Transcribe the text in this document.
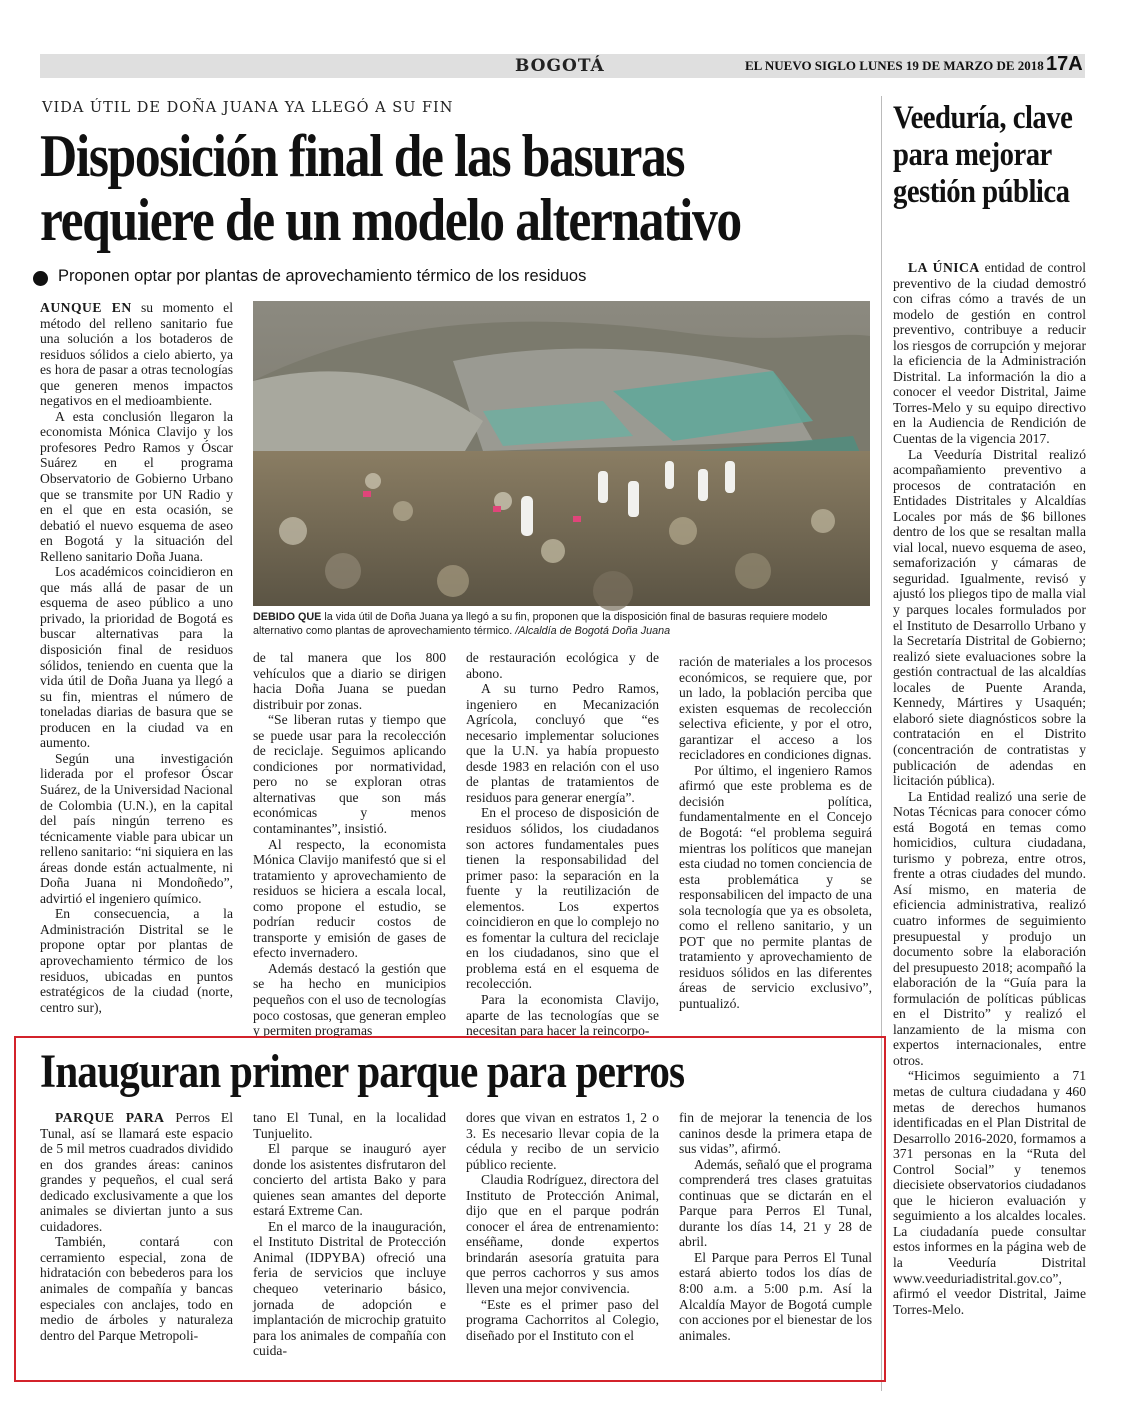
BOGOTÁ	EL NUEVO SIGLO LUNES 19 DE MARZO DE 2018 17A
VIDA ÚTIL DE DOÑA JUANA YA LLEGÓ A SU FIN
Disposición final de las basuras
requiere de un modelo alternativo
Proponen optar por plantas de aprovechamiento térmico de los residuos

AUNQUE EN su momento el método del relleno sanitario fue una solución a los botaderos de residuos sólidos a cielo abierto, ya es hora de pasar a otras tecnologías que generen menos impactos negativos en el medioambiente.

A esta conclusión llegaron la economista Mónica Clavijo y los profesores Pedro Ramos y Óscar Suárez en el programa Observatorio de Gobierno Urbano que se transmite por UN Radio y en el que en esta ocasión, se debatió el nuevo esquema de aseo en Bogotá y la situación del Relleno sanitario Doña Juana.

Los académicos coincidieron en que más allá de pasar de un esquema de aseo público a uno privado, la prioridad de Bogotá es buscar alternativas para la disposición final de residuos sólidos, teniendo en cuenta que la vida útil de Doña Juana ya llegó a su fin, mientras el número de toneladas diarias de basura que se producen en la ciudad va en aumento.

Según una investigación liderada por el profesor Óscar Suárez, de la Universidad Nacional de Colombia (U.N.), en la capital del país ningún terreno es técnicamente viable para ubicar un relleno sanitario: “ni siquiera en las áreas donde están actualmente, ni Doña Juana ni Mondoñedo”, advirtió el ingeniero químico.

En consecuencia, a la Administración Distrital se le propone optar por plantas de aprovechamiento térmico de los residuos, ubicadas en puntos estratégicos de la ciudad (norte, centro sur),

DEBIDO QUE la vida útil de Doña Juana ya llegó a su fin, proponen que la disposición final de basuras requiere modelo alternativo como plantas de aprovechamiento térmico. /Alcaldía de Bogotá Doña Juana

de tal manera que los 800 vehículos que a diario se dirigen hacia Doña Juana se puedan distribuir por zonas.

“Se liberan rutas y tiempo que se puede usar para la recolección de reciclaje. Seguimos aplicando condiciones por normatividad, pero no se exploran otras alternativas que son más económicas y menos contaminantes”, insistió.

Al respecto, la economista Mónica Clavijo manifestó que si el tratamiento y aprovechamiento de residuos se hiciera a escala local, como propone el estudio, se podrían reducir costos de transporte y emisión de gases de efecto invernadero.

Además destacó la gestión que se ha hecho en municipios pequeños con el uso de tecnologías poco costosas, que generan empleo y permiten programas

de restauración ecológica y de abono.

A su turno Pedro Ramos, ingeniero en Mecanización Agrícola, concluyó que “es necesario implementar soluciones que la U.N. ya había propuesto desde 1983 en relación con el uso de plantas de tratamientos de residuos para generar energía”.

En el proceso de disposición de residuos sólidos, los ciudadanos son actores fundamentales pues tienen la responsabilidad del primer paso: la separación en la fuente y la reutilización de elementos. Los expertos coincidieron en que lo complejo no es fomentar la cultura del reciclaje en los ciudadanos, sino que el problema está en el esquema de recolección.

Para la economista Clavijo, aparte de las tecnologías que se necesitan para hacer la reincorpo-

ración de materiales a los procesos económicos, se requiere que, por un lado, la población perciba que existen esquemas de recolección selectiva eficiente, y por el otro, garantizar el acceso a los recicladores en condiciones dignas.

Por último, el ingeniero Ramos afirmó que este problema es de decisión política, fundamentalmente en el Concejo de Bogotá: “el problema seguirá mientras los políticos que manejan esta ciudad no tomen conciencia de esta problemática y se responsabilicen del impacto de una sola tecnología que ya es obsoleta, como el relleno sanitario, y un POT que no permite plantas de tratamiento y aprovechamiento de residuos sólidos en las diferentes áreas de servicio exclusivo”, puntualizó.

Veeduría, clave para mejorar gestión pública

LA ÚNICA entidad de control preventivo de la ciudad demostró con cifras cómo a través de un modelo de gestión en control preventivo, contribuye a reducir los riesgos de corrupción y mejorar la eficiencia de la Administración Distrital. La información la dio a conocer el veedor Distrital, Jaime Torres-Melo y su equipo directivo en la Audiencia de Rendición de Cuentas de la vigencia 2017.

La Veeduría Distrital realizó acompañamiento preventivo a procesos de contratación en Entidades Distritales y Alcaldías Locales por más de $6 billones dentro de los que se resaltan malla vial local, nuevo esquema de aseo, semaforización y cámaras de seguridad. Igualmente, revisó y ajustó los pliegos tipo de malla vial y parques locales formulados por el Instituto de Desarrollo Urbano y la Secretaría Distrital de Gobierno; realizó siete evaluaciones sobre la gestión contractual de las alcaldías locales de Puente Aranda, Kennedy, Mártires y Usaquén; elaboró siete diagnósticos sobre la contratación en el Distrito (concentración de contratistas y publicación de adendas en licitación pública).

La Entidad realizó una serie de Notas Técnicas para conocer cómo está Bogotá en temas como homicidios, cultura ciudadana, turismo y pobreza, entre otros, frente a otras ciudades del mundo. Así mismo, en materia de eficiencia administrativa, realizó cuatro informes de seguimiento presupuestal y produjo un documento sobre la elaboración del presupuesto 2018; acompañó la elaboración de la “Guía para la formulación de políticas públicas en el Distrito” y realizó el lanzamiento de la misma con expertos internacionales, entre otros.

“Hicimos seguimiento a 71 metas de cultura ciudadana y 460 metas de derechos humanos identificadas en el Plan Distrital de Desarrollo 2016-2020, formamos a 371 personas en la “Ruta del Control Social” y tenemos diecisiete observatorios ciudadanos que le hicieron evaluación y seguimiento a los alcaldes locales. La ciudadanía puede consultar estos informes en la página web de la Veeduría Distrital www.veeduriadistrital.gov.co”, afirmó el veedor Distrital, Jaime Torres-Melo.

Inauguran primer parque para perros

PARQUE PARA Perros El Tunal, así se llamará este espacio de 5 mil metros cuadrados dividido en dos grandes áreas: caninos grandes y pequeños, el cual será dedicado exclusivamente a que los animales se diviertan junto a sus cuidadores.

También, contará con cerramiento especial, zona de hidratación con bebederos para los animales de compañía y bancas especiales con anclajes, todo en medio de árboles y naturaleza dentro del Parque Metropoli-

tano El Tunal, en la localidad Tunjuelito.

El parque se inauguró ayer donde los asistentes disfrutaron del concierto del artista Bako y para quienes sean amantes del deporte estará Extreme Can.

En el marco de la inauguración, el Instituto Distrital de Protección Animal (IDPYBA) ofreció una feria de servicios que incluye chequeo veterinario básico, jornada de adopción e implantación de microchip gratuito para los animales de compañía con cuida-

dores que vivan en estratos 1, 2 o 3. Es necesario llevar copia de la cédula y recibo de un servicio público reciente.

Claudia Rodríguez, directora del Instituto de Protección Animal, dijo que en el parque podrán conocer el área de entrenamiento: enséñame, donde expertos brindarán asesoría gratuita para que perros cachorros y sus amos lleven una mejor convivencia.

“Este es el primer paso del programa Cachorritos al Colegio, diseñado por el Instituto con el

fin de mejorar la tenencia de los caninos desde la primera etapa de sus vidas”, afirmó.

Además, señaló que el programa comprenderá tres clases gratuitas continuas que se dictarán en el Parque para Perros El Tunal, durante los días 14, 21 y 28 de abril.

El Parque para Perros El Tunal estará abierto todos los días de 8:00 a.m. a 5:00 p.m. Así la Alcaldía Mayor de Bogotá cumple con acciones por el bienestar de los animales.
